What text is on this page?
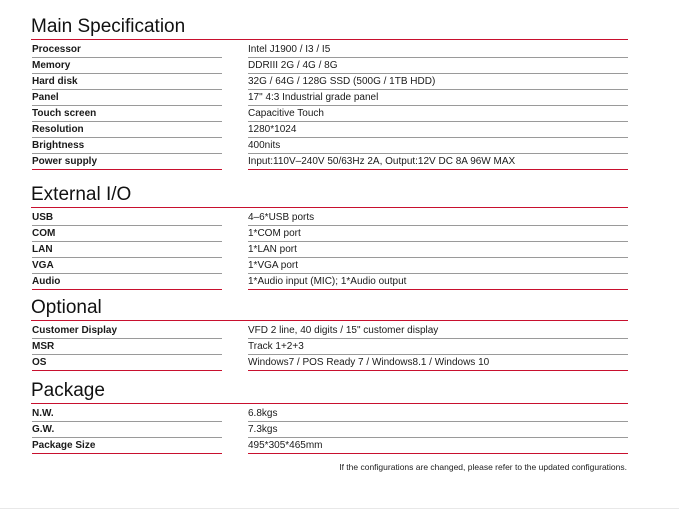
Main Specification
Processor	Intel J1900 / I3 / I5
Memory	DDRIII 2G / 4G / 8G
Hard disk	32G / 64G / 128G SSD (500G / 1TB HDD)
Panel	17" 4:3 Industrial grade panel
Touch screen	Capacitive Touch
Resolution	1280*1024
Brightness	400nits
Power supply	Input:110V–240V 50/63Hz 2A, Output:12V DC 8A 96W MAX
External I/O
USB	4–6*USB ports
COM	1*COM port
LAN	1*LAN port
VGA	1*VGA port
Audio	1*Audio input (MIC); 1*Audio output
Optional
Customer Display	VFD 2 line, 40 digits / 15" customer display
MSR	Track 1+2+3
OS	Windows7 / POS Ready 7 / Windows8.1 / Windows 10
Package
N.W.	6.8kgs
G.W.	7.3kgs
Package Size	495*305*465mm
If the configurations are changed, please refer to the updated configurations.
